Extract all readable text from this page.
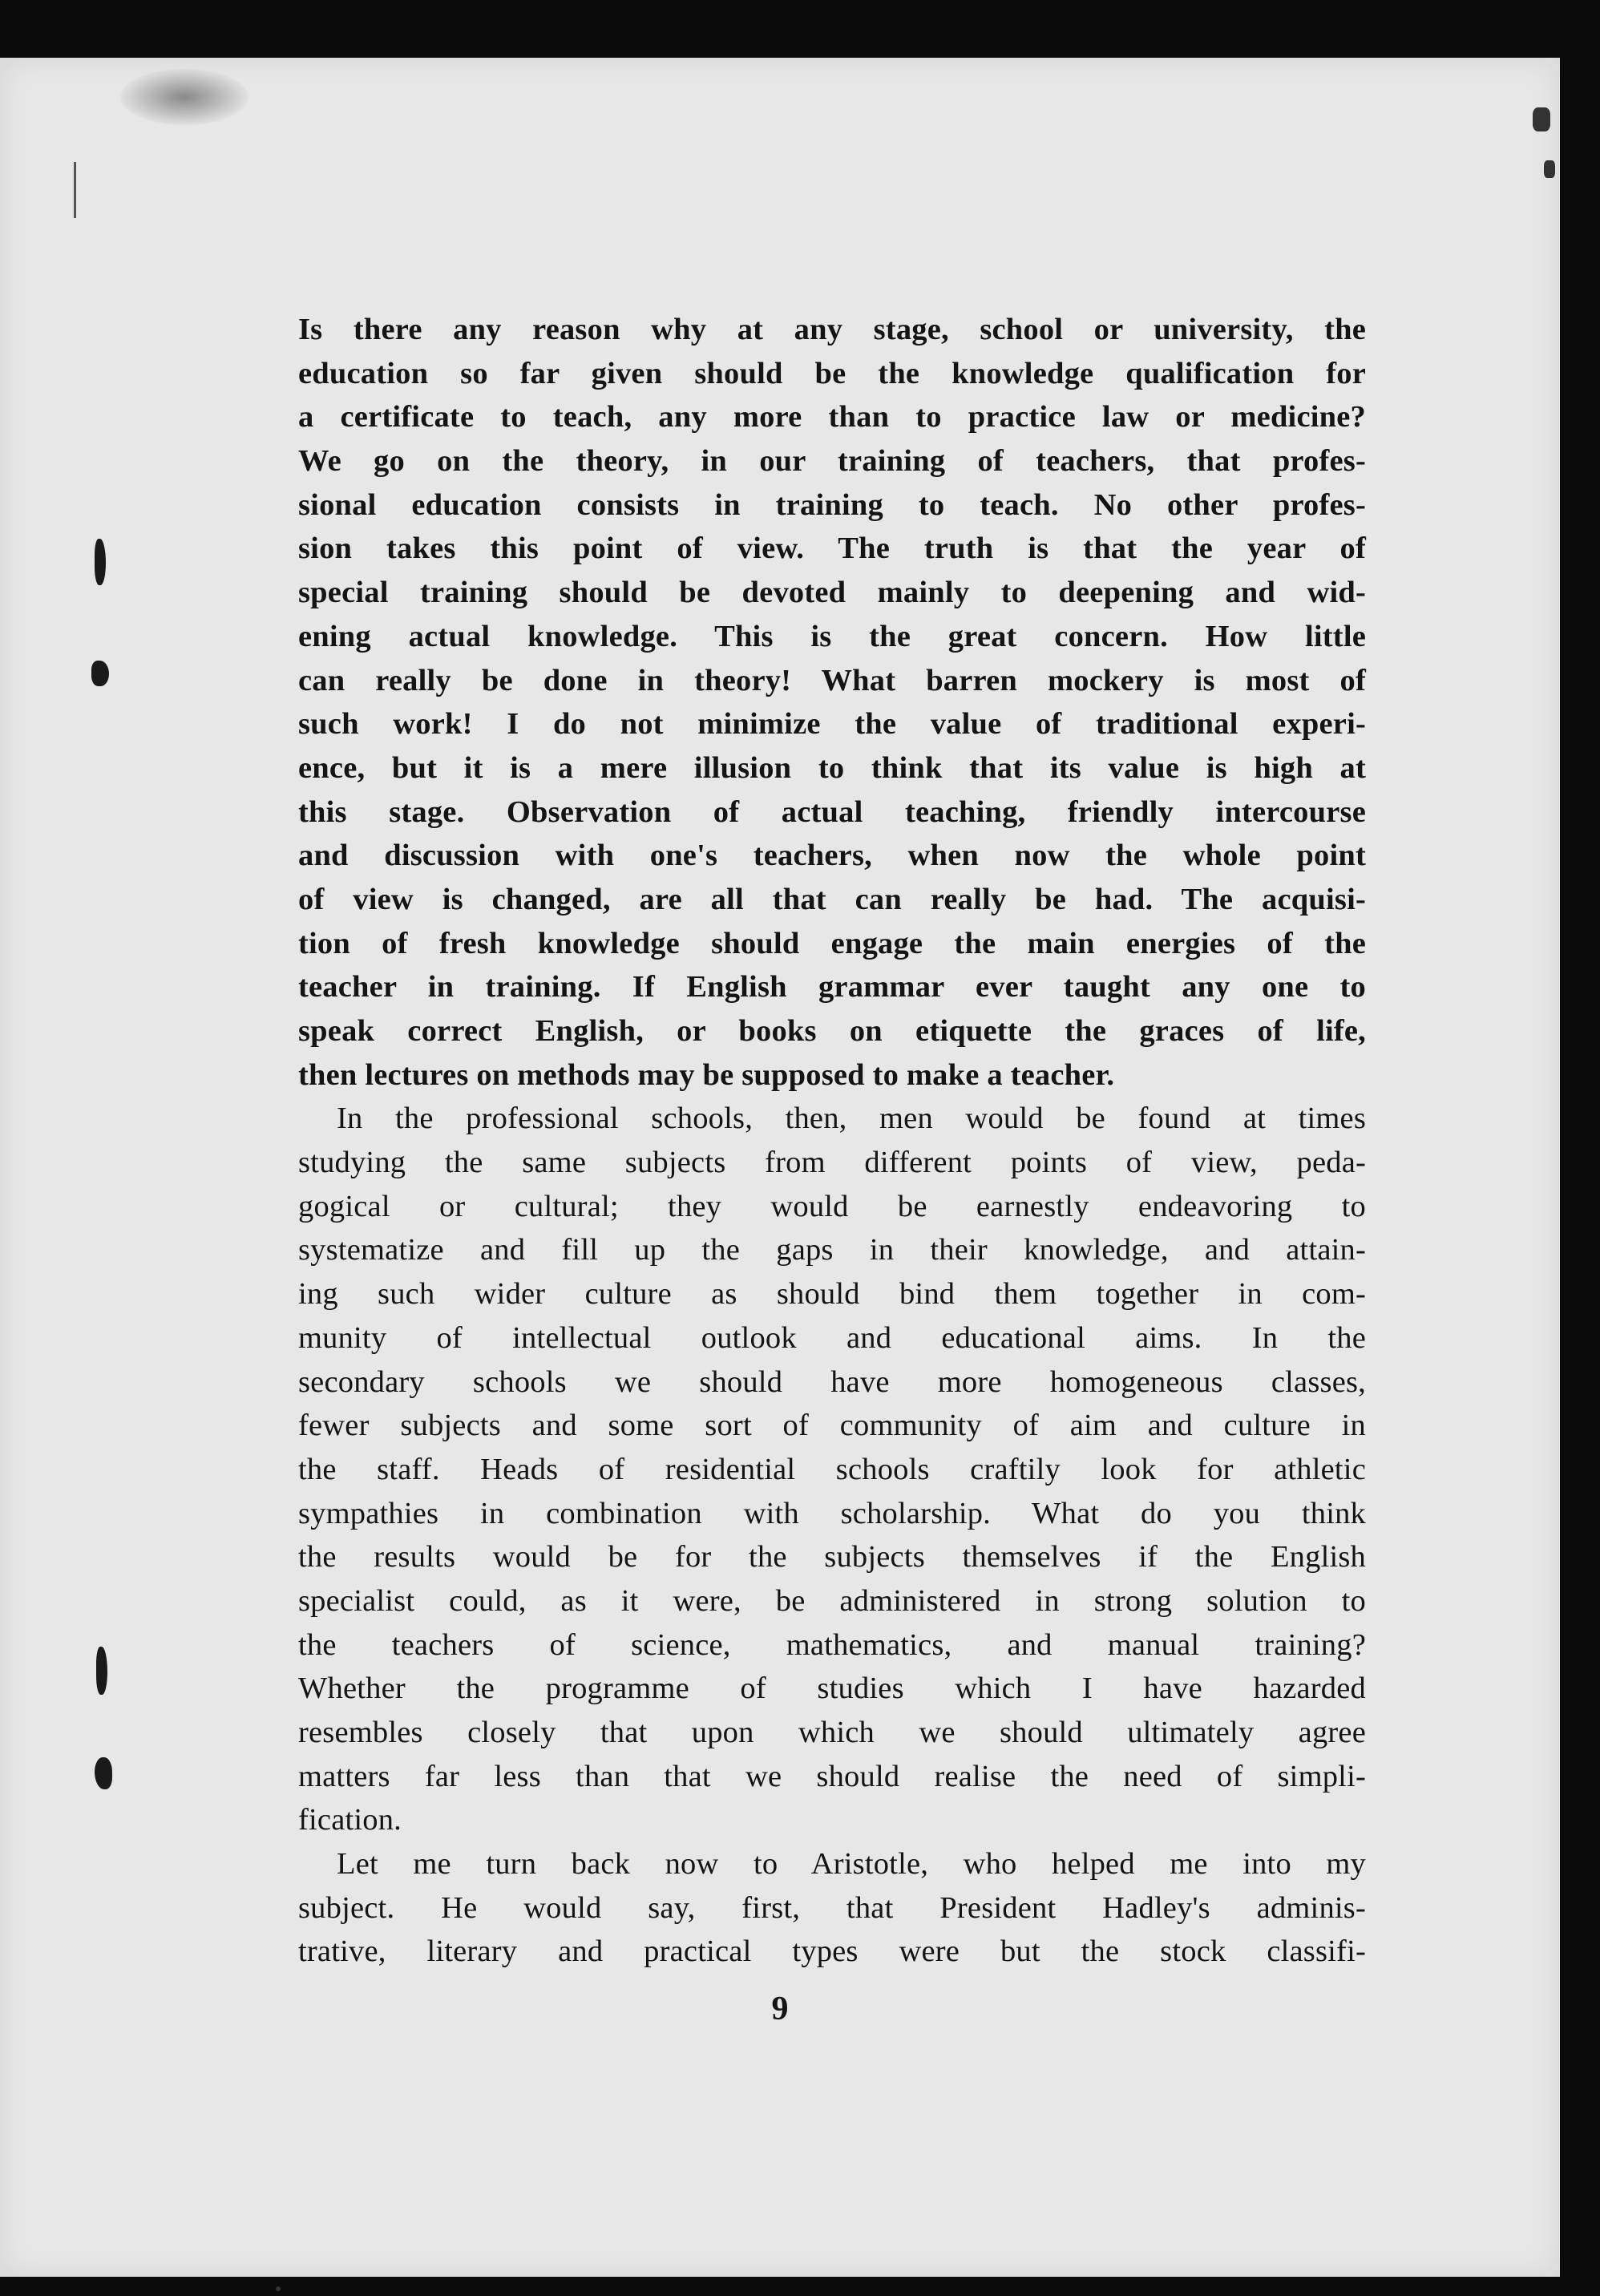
Is there any reason why at any stage, school or university, the
education so far given should be the knowledge qualification for
a certificate to teach, any more than to practice law or medicine?
We go on the theory, in our training of teachers, that profes-
sional education consists in training to teach. No other profes-
sion takes this point of view. The truth is that the year of
special training should be devoted mainly to deepening and wid-
ening actual knowledge. This is the great concern. How little
can really be done in theory! What barren mockery is most of
such work! I do not minimize the value of traditional experi-
ence, but it is a mere illusion to think that its value is high at
this stage. Observation of actual teaching, friendly intercourse
and discussion with one's teachers, when now the whole point
of view is changed, are all that can really be had. The acquisi-
tion of fresh knowledge should engage the main energies of the
teacher in training. If English grammar ever taught any one to
speak correct English, or books on etiquette the graces of life,
then lectures on methods may be supposed to make a teacher.
In the professional schools, then, men would be found at times
studying the same subjects from different points of view, peda-
gogical or cultural; they would be earnestly endeavoring to
systematize and fill up the gaps in their knowledge, and attain-
ing such wider culture as should bind them together in com-
munity of intellectual outlook and educational aims. In the
secondary schools we should have more homogeneous classes,
fewer subjects and some sort of community of aim and culture in
the staff. Heads of residential schools craftily look for athletic
sympathies in combination with scholarship. What do you think
the results would be for the subjects themselves if the English
specialist could, as it were, be administered in strong solution to
the teachers of science, mathematics, and manual training?
Whether the programme of studies which I have hazarded
resembles closely that upon which we should ultimately agree
matters far less than that we should realise the need of simpli-
fication.
Let me turn back now to Aristotle, who helped me into my
subject. He would say, first, that President Hadley's adminis-
trative, literary and practical types were but the stock classifi-
9
